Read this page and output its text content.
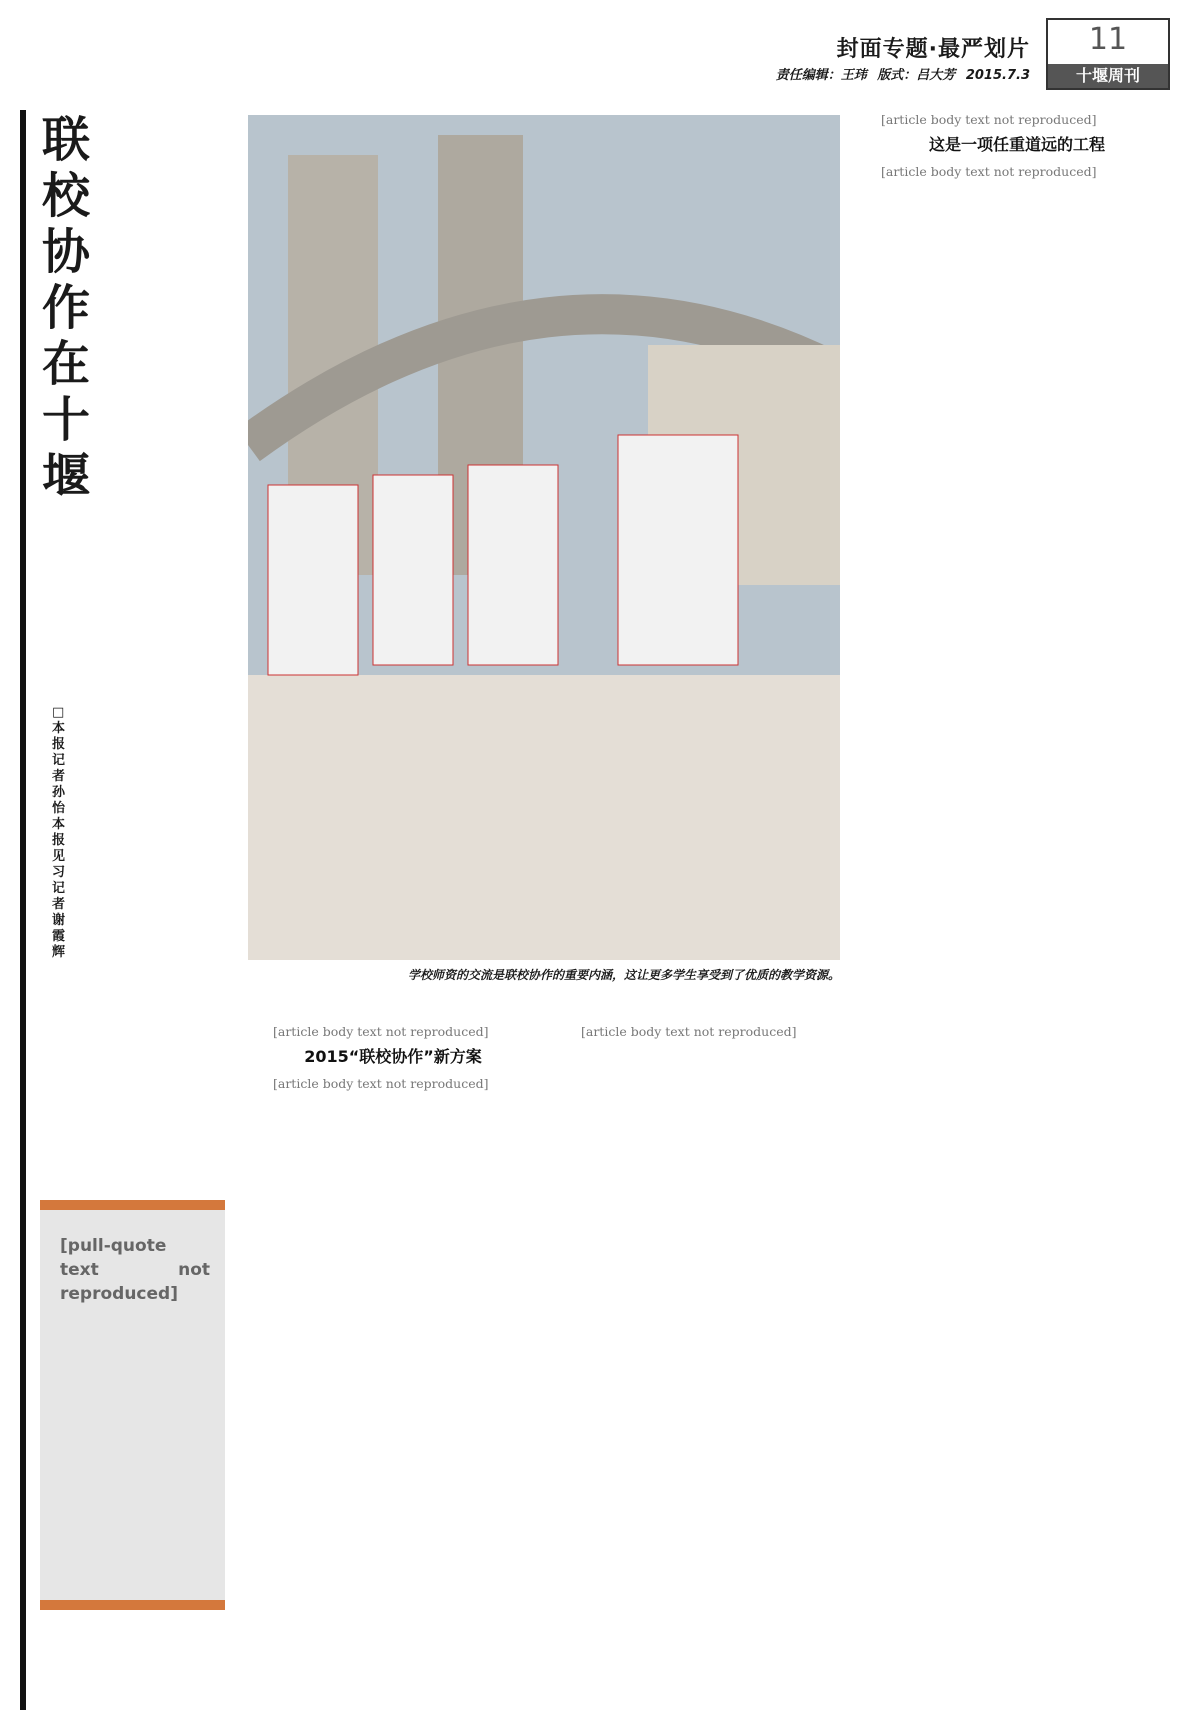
封面专题·最严划片
责任编辑：王玮 版式：吕大芳 2015.7.3
11
十堰周刊
联
校
协
作
在
十
堰
□本报记者 孙怡 本报见习记者 谢霞辉
学校师资的交流是联校协作的重要内涵，这让更多学生享受到了优质的教学资源。
[pull-quote text not reproduced]

[article body text not reproduced]

2015“联校协作”新方案

[article body text not reproduced]

[article body text not reproduced]

[article body text not reproduced]

这是一项任重道远的工程

[article body text not reproduced]
